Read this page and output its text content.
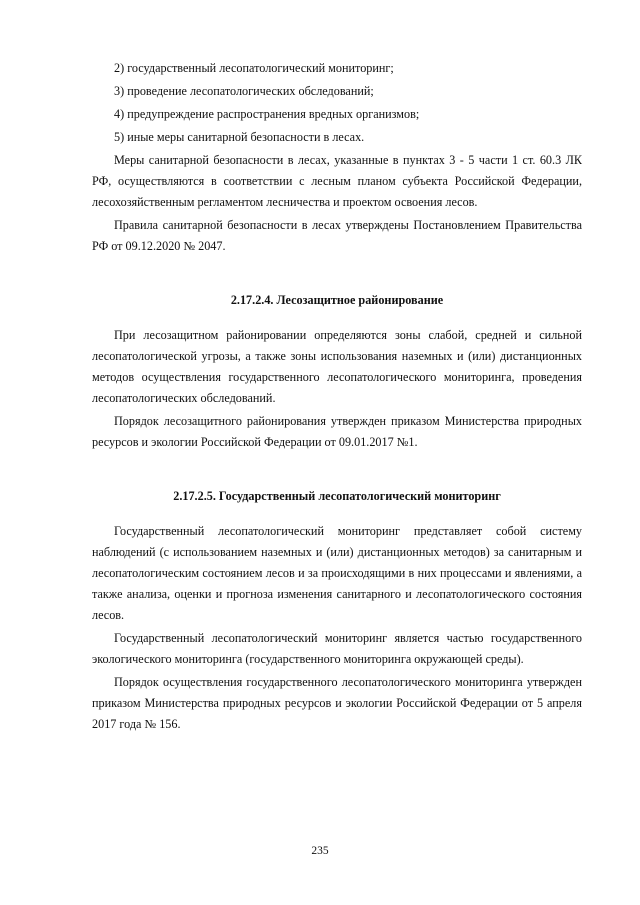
2) государственный лесопатологический мониторинг;
3) проведение лесопатологических обследований;
4) предупреждение распространения вредных организмов;
5) иные меры санитарной безопасности в лесах.

Меры санитарной безопасности в лесах, указанные в пунктах 3 - 5 части 1 ст. 60.3 ЛК РФ, осуществляются в соответствии с лесным планом субъекта Российской Федерации, лесохозяйственным регламентом лесничества и проектом освоения лесов.

Правила санитарной безопасности в лесах утверждены Постановлением Правительства РФ от 09.12.2020 № 2047.

2.17.2.4. Лесозащитное районирование

При лесозащитном районировании определяются зоны слабой, средней и сильной лесопатологической угрозы, а также зоны использования наземных и (или) дистанционных методов осуществления государственного лесопатологического мониторинга, проведения лесопатологических обследований.

Порядок лесозащитного районирования утвержден приказом Министерства природных ресурсов и экологии Российской Федерации от 09.01.2017 №1.

2.17.2.5. Государственный лесопатологический мониторинг

Государственный лесопатологический мониторинг представляет собой систему наблюдений (с использованием наземных и (или) дистанционных методов) за санитарным и лесопатологическим состоянием лесов и за происходящими в них процессами и явлениями, а также анализа, оценки и прогноза изменения санитарного и лесопатологического состояния лесов.

Государственный лесопатологический мониторинг является частью государственного экологического мониторинга (государственного мониторинга окружающей среды).

Порядок осуществления государственного лесопатологического мониторинга утвержден приказом Министерства природных ресурсов и экологии Российской Федерации от 5 апреля 2017 года № 156.

235
